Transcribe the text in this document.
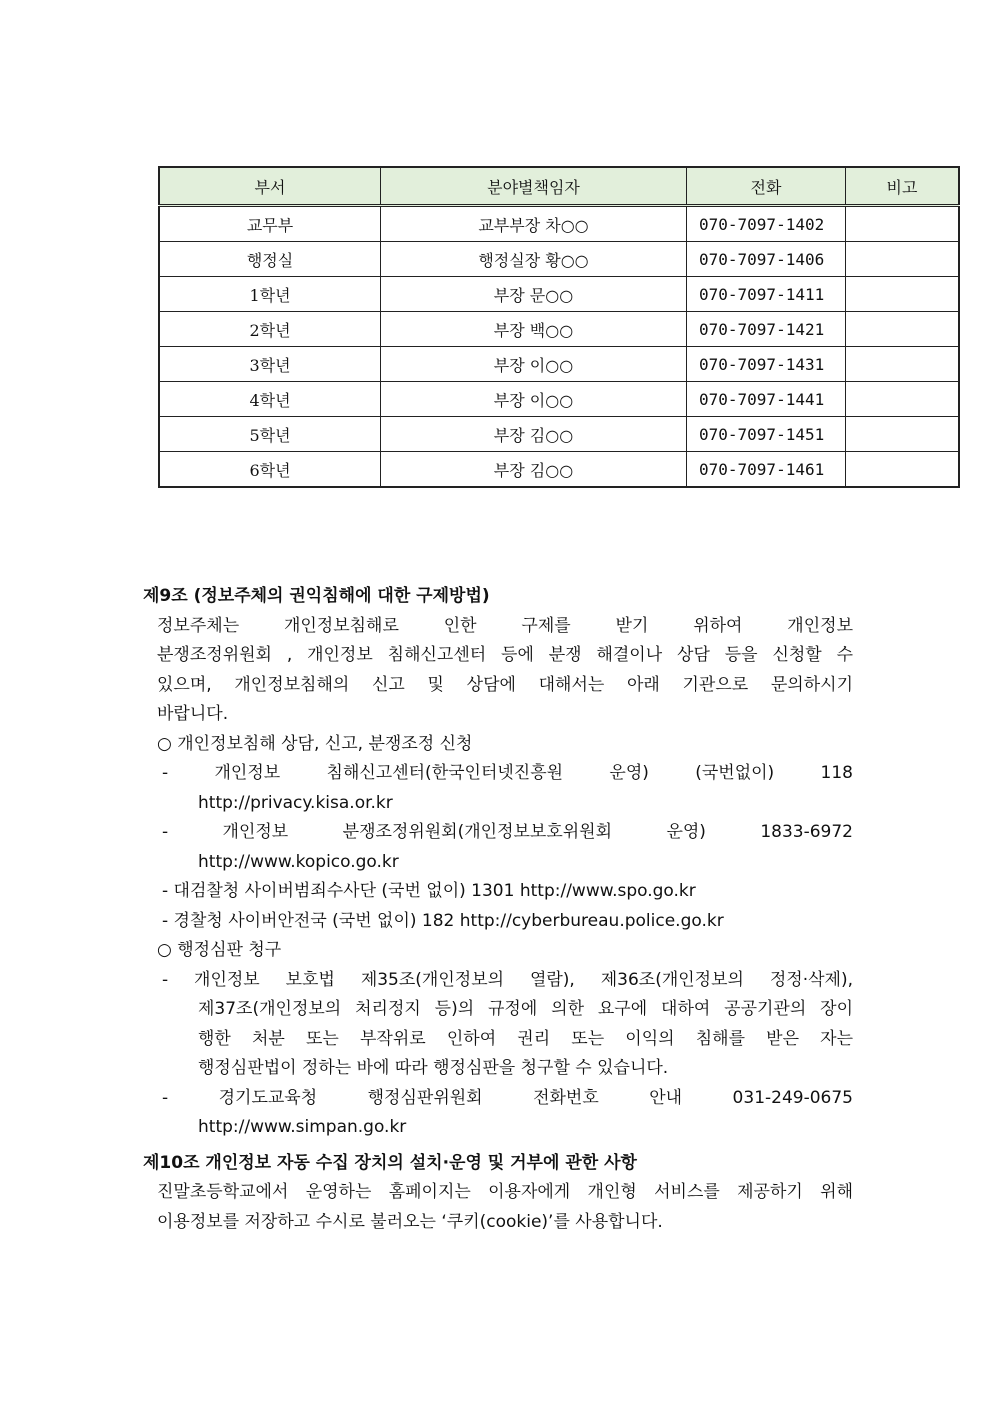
부서	분야별책임자	전화	비고
교무부	교부부장 차○○	070-7097-1402	
행정실	행정실장 황○○	070-7097-1406	
1학년	부장 문○○	070-7097-1411	
2학년	부장 백○○	070-7097-1421	
3학년	부장 이○○	070-7097-1431	
4학년	부장 이○○	070-7097-1441	
5학년	부장 김○○	070-7097-1451	
6학년	부장 김○○	070-7097-1461	
제9조 (정보주체의 권익침해에 대한 구제방법)
정보주체는 개인정보침해로 인한 구제를 받기 위하여 개인정보
분쟁조정위원회 , 개인정보 침해신고센터 등에 분쟁 해결이나 상담 등을 신청할 수
있으며, 개인정보침해의 신고 및 상담에 대해서는 아래 기관으로 문의하시기
바랍니다.
○ 개인정보침해 상담, 신고, 분쟁조정 신청
- 개인정보 침해신고센터(한국인터넷진흥원 운영) (국번없이) 118
http://privacy.kisa.or.kr
- 개인정보 분쟁조정위원회(개인정보보호위원회 운영) 1833-6972
http://www.kopico.go.kr
- 대검찰청 사이버범죄수사단 (국번 없이) 1301 http://www.spo.go.kr
- 경찰청 사이버안전국 (국번 없이) 182 http://cyberbureau.police.go.kr
○ 행정심판 청구
- 개인정보 보호법 제35조(개인정보의 열람), 제36조(개인정보의 정정·삭제),
제37조(개인정보의 처리정지 등)의 규정에 의한 요구에 대하여 공공기관의 장이
행한 처분 또는 부작위로 인하여 권리 또는 이익의 침해를 받은 자는
행정심판법이 정하는 바에 따라 행정심판을 청구할 수 있습니다.
- 경기도교육청 행정심판위원회 전화번호 안내 031-249-0675
http://www.simpan.go.kr
제10조 개인정보 자동 수집 장치의 설치·운영 및 거부에 관한 사항
진말초등학교에서 운영하는 홈페이지는 이용자에게 개인형 서비스를 제공하기 위해
이용정보를 저장하고 수시로 불러오는 ‘쿠키(cookie)’를 사용합니다.
